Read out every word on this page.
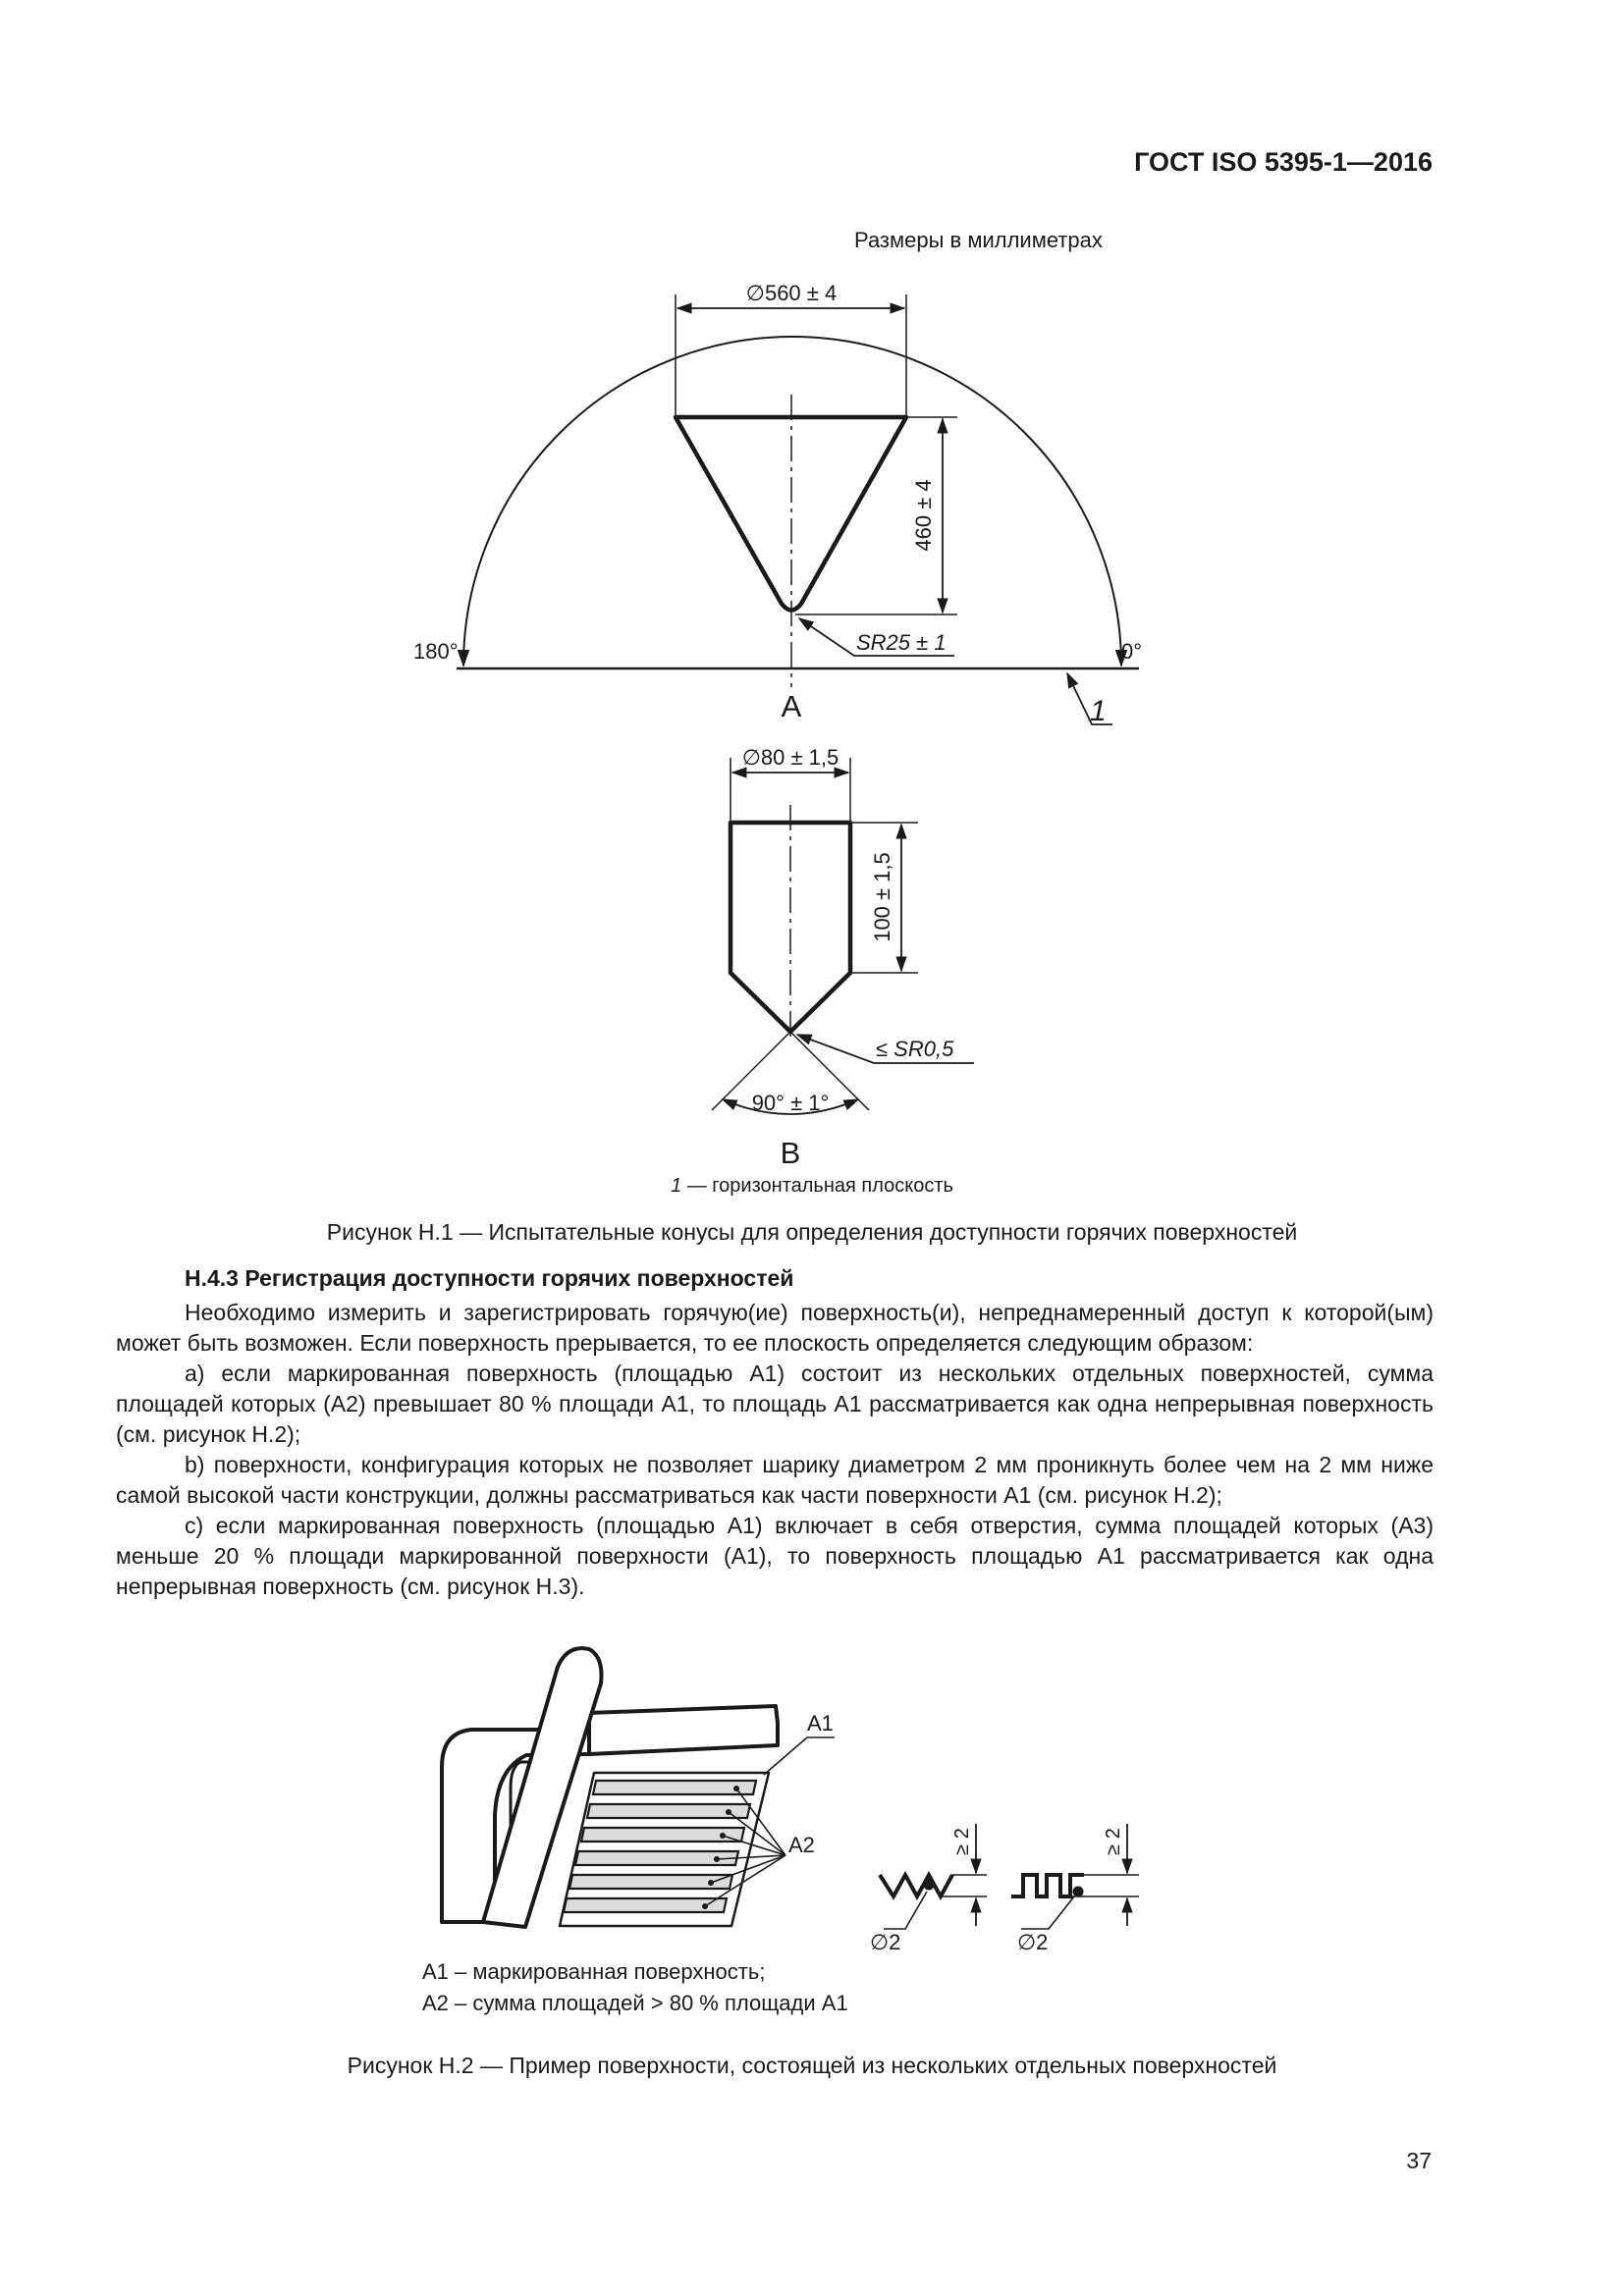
ГОСТ ISO 5395-1—2016
Размеры в миллиметрах
∅560 ± 4
460 ± 4
SR25 ± 1
180°	0°
A	1
∅80 ± 1,5
100 ± 1,5
≤ SR0,5
90° ± 1°
B
A1
A2
∅2	∅2
≥ 2	≥ 2
1 — горизонтальная плоскость
Рисунок H.1 — Испытательные конусы для определения доступности горячих поверхностей
H.4.3 Регистрация доступности горячих поверхностей

Необходимо измерить и зарегистрировать горячую(ие) поверхность(и), непреднамеренный доступ к которой(ым) может быть возможен. Если поверхность прерывается, то ее плоскость определяется следующим образом:

a) если маркированная поверхность (площадью A1) состоит из нескольких отдельных поверхностей, сумма площадей которых (A2) превышает 80 % площади A1, то площадь A1 рассматривается как одна непрерывная поверхность (см. рисунок H.2);

b) поверхности, конфигурация которых не позволяет шарику диаметром 2 мм проникнуть более чем на 2 мм ниже самой высокой части конструкции, должны рассматриваться как части поверхности A1 (см. рисунок H.2);

c) если маркированная поверхность (площадью A1) включает в себя отверстия, сумма площадей которых (A3) меньше 20 % площади маркированной поверхности (A1), то поверхность площадью A1 рассматривается как одна непрерывная поверхность (см. рисунок H.3).

A1 – маркированная поверхность;
A2 – сумма площадей > 80 % площади A1
Рисунок H.2 — Пример поверхности, состоящей из нескольких отдельных поверхностей
37
